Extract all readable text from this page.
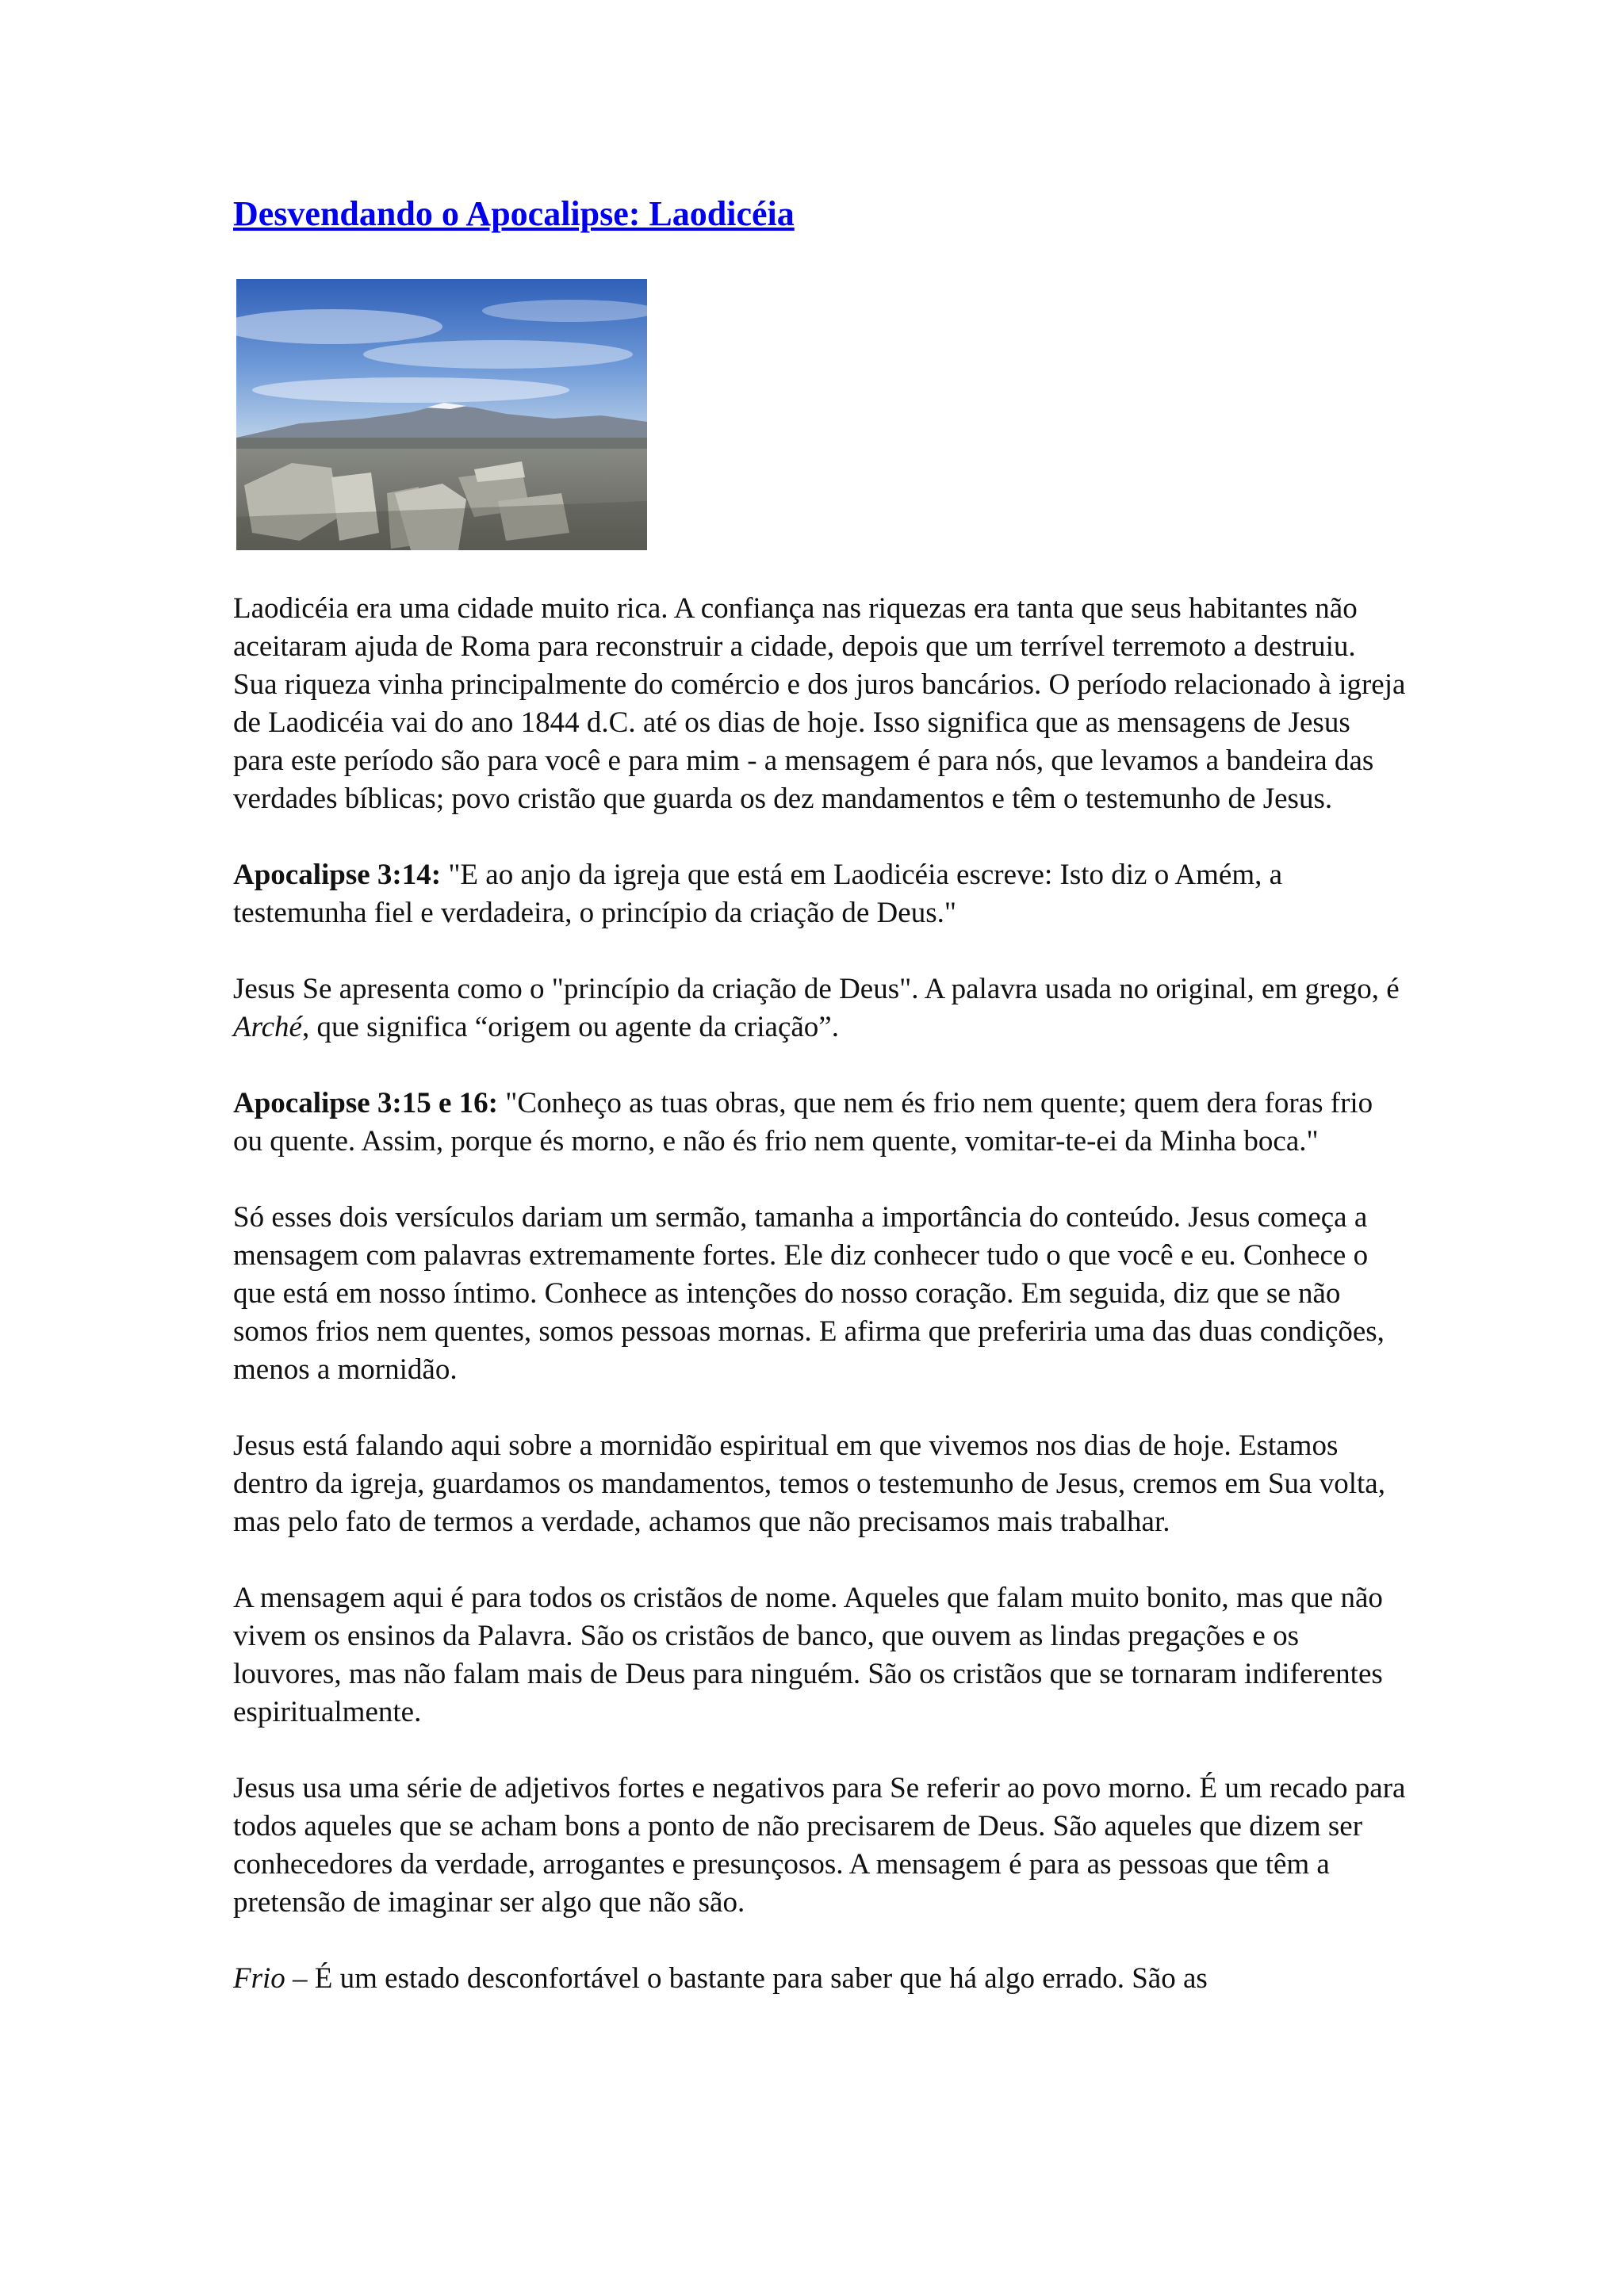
Desvendando o Apocalipse: Laodicéia

Laodicéia era uma cidade muito rica. A confiança nas riquezas era tanta que seus habitantes não aceitaram ajuda de Roma para reconstruir a cidade, depois que um terrível terremoto a destruiu. Sua riqueza vinha principalmente do comércio e dos juros bancários. O período relacionado à igreja de Laodicéia vai do ano 1844 d.C. até os dias de hoje. Isso significa que as mensagens de Jesus para este período são para você e para mim - a mensagem é para nós, que levamos a bandeira das verdades bíblicas; povo cristão que guarda os dez mandamentos e têm o testemunho de Jesus.

Apocalipse 3:14: "E ao anjo da igreja que está em Laodicéia escreve: Isto diz o Amém, a testemunha fiel e verdadeira, o princípio da criação de Deus."

Jesus Se apresenta como o "princípio da criação de Deus". A palavra usada no original, em grego, é Arché, que significa “origem ou agente da criação”.

Apocalipse 3:15 e 16: "Conheço as tuas obras, que nem és frio nem quente; quem dera foras frio ou quente. Assim, porque és morno, e não és frio nem quente, vomitar-te-ei da Minha boca."

Só esses dois versículos dariam um sermão, tamanha a importância do conteúdo. Jesus começa a mensagem com palavras extremamente fortes. Ele diz conhecer tudo o que você e eu. Conhece o que está em nosso íntimo. Conhece as intenções do nosso coração. Em seguida, diz que se não somos frios nem quentes, somos pessoas mornas. E afirma que preferiria uma das duas condições, menos a mornidão.

Jesus está falando aqui sobre a mornidão espiritual em que vivemos nos dias de hoje. Estamos dentro da igreja, guardamos os mandamentos, temos o testemunho de Jesus, cremos em Sua volta, mas pelo fato de termos a verdade, achamos que não precisamos mais trabalhar.

A mensagem aqui é para todos os cristãos de nome. Aqueles que falam muito bonito, mas que não vivem os ensinos da Palavra. São os cristãos de banco, que ouvem as lindas pregações e os louvores, mas não falam mais de Deus para ninguém. São os cristãos que se tornaram indiferentes espiritualmente.

Jesus usa uma série de adjetivos fortes e negativos para Se referir ao povo morno. É um recado para todos aqueles que se acham bons a ponto de não precisarem de Deus. São aqueles que dizem ser conhecedores da verdade, arrogantes e presunçosos. A mensagem é para as pessoas que têm a pretensão de imaginar ser algo que não são.

Frio – É um estado desconfortável o bastante para saber que há algo errado. São as
